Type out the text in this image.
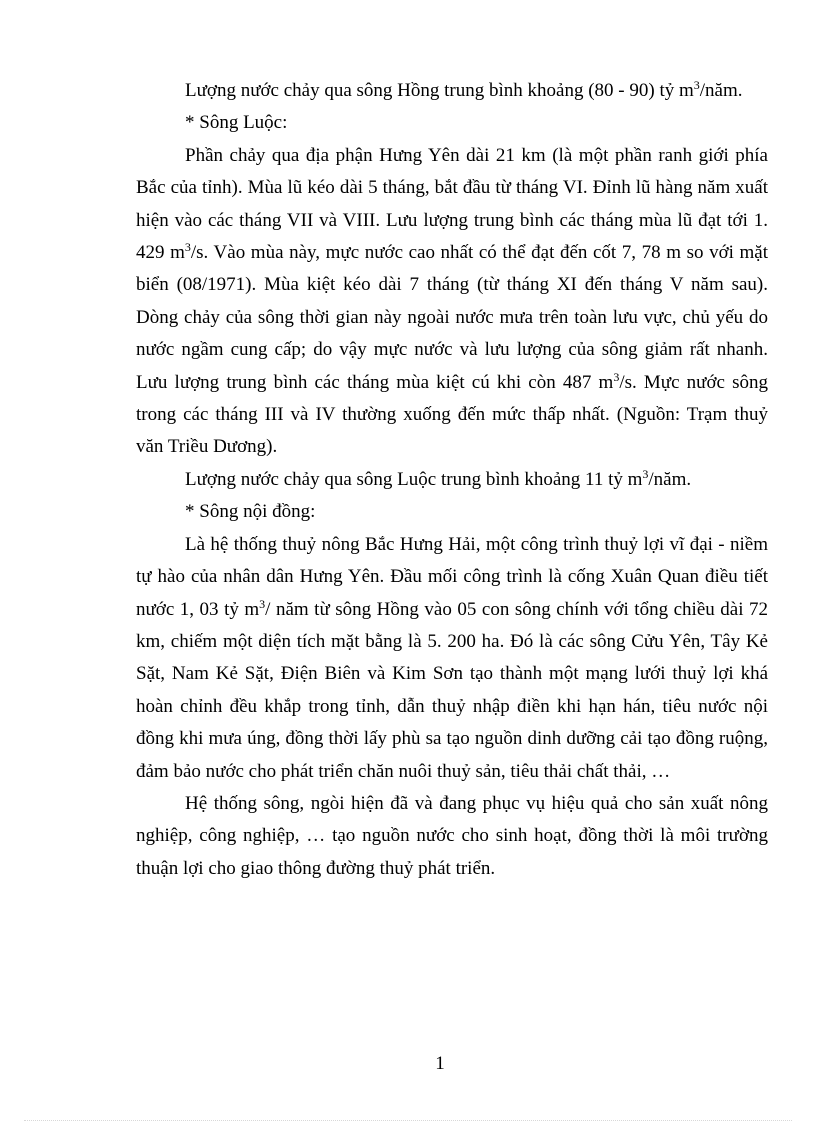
Lượng nước chảy qua sông Hồng trung bình khoảng (80 - 90) tỷ $m^3$/năm.

* Sông Luộc:

Phần chảy qua địa phận Hưng Yên dài 21 km (là một phần ranh giới phía Bắc của tỉnh). Mùa lũ kéo dài 5 tháng, bắt đầu từ tháng VI. Đỉnh lũ hàng năm xuất hiện vào các tháng VII và VIII. Lưu lượng trung bình các tháng mùa lũ đạt tới 1. 429 $m^3/s$. Vào mùa này, mực nước cao nhất có thể đạt đến cốt 7, 78 m so với mặt biển (08/1971). Mùa kiệt kéo dài 7 tháng (từ tháng XI đến tháng V năm sau). Dòng chảy của sông thời gian này ngoài nước mưa trên toàn lưu vực, chủ yếu do nước ngầm cung cấp; do vậy mực nước và lưu lượng của sông giảm rất nhanh. Lưu lượng trung bình các tháng mùa kiệt cú khi còn 487 $m^3/s$. Mực nước sông trong các tháng III và IV thường xuống đến mức thấp nhất. (Nguồn: Trạm thuỷ văn Triều Dương).

Lượng nước chảy qua sông Luộc trung bình khoảng 11 tỷ $m^3$/năm.

* Sông nội đồng:

Là hệ thống thuỷ nông Bắc Hưng Hải, một công trình thuỷ lợi vĩ đại - niềm tự hào của nhân dân Hưng Yên. Đầu mối công trình là cống Xuân Quan điều tiết nước 1, 03 tỷ $m^3/$ năm từ sông Hồng vào 05 con sông chính với tổng chiều dài 72 km, chiếm một diện tích mặt bằng là 5. 200 ha. Đó là các sông Cửu Yên, Tây Kẻ Sặt, Nam Kẻ Sặt, Điện Biên và Kim Sơn tạo thành một mạng lưới thuỷ lợi khá hoàn chỉnh đều khắp trong tỉnh, dẫn thuỷ nhập điền khi hạn hán, tiêu nước nội đồng khi mưa úng, đồng thời lấy phù sa tạo nguồn dinh dưỡng cải tạo đồng ruộng, đảm bảo nước cho phát triển chăn nuôi thuỷ sản, tiêu thải chất thải, …

Hệ thống sông, ngòi hiện đã và đang phục vụ hiệu quả cho sản xuất nông nghiệp, công nghiệp, … tạo nguồn nước cho sinh hoạt, đồng thời là môi trường thuận lợi cho giao thông đường thuỷ phát triển.

1
